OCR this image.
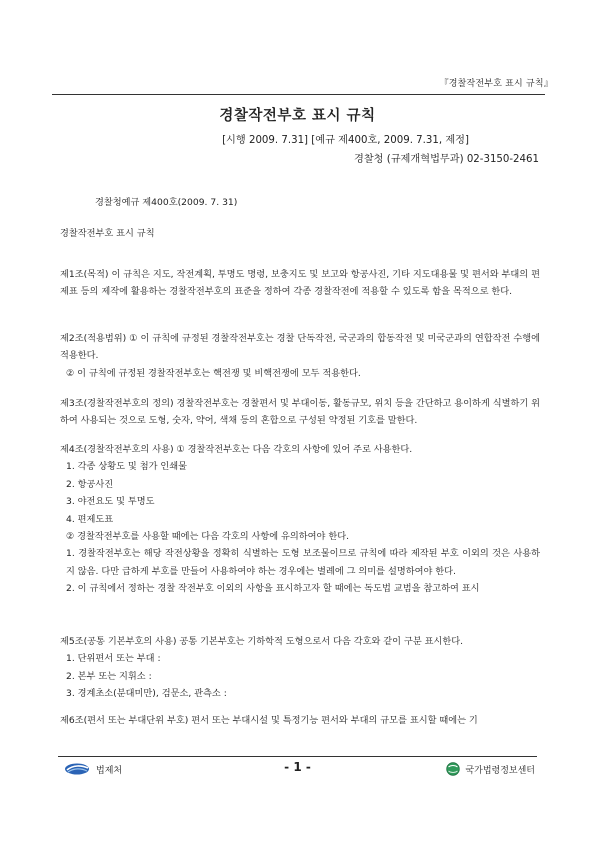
『경찰작전부호 표시 규칙』
경찰작전부호 표시 규칙
[시행 2009. 7.31] [예규 제400호, 2009. 7.31, 제정]
경찰청 (규제개혁법무과) 02-3150-2461
경찰청예규 제400호(2009. 7. 31)
경찰작전부호 표시 규칙

제1조(목적) 이 규칙은 지도, 작전계획, 투명도 명령, 보충지도 및 보고와 항공사진, 기타 지도대용물 및 편서와 부대의 편제표 등의 제작에 활용하는 경찰작전부호의 표준을 정하여 각종 경찰작전에 적용할 수 있도록 함을 목적으로 한다.

제2조(적용범위) ① 이 규칙에 규정된 경찰작전부호는 경찰 단독작전, 국군과의 합동작전 및 미국군과의 연합작전 수행에 적용한다.

② 이 규칙에 규정된 경찰작전부호는 핵전쟁 및 비핵전쟁에 모두 적용한다.

제3조(경찰작전부호의 정의) 경찰작전부호는 경찰편서 및 부대이동, 활동규모, 위치 등을 간단하고 용이하게 식별하기 위하여 사용되는 것으로 도형, 숫자, 약어, 색채 등의 혼합으로 구성된 약정된 기호를 말한다.

제4조(경찰작전부호의 사용) ① 경찰작전부호는 다음 각호의 사항에 있어 주로 사용한다.

1. 각종 상황도 및 첨가 인쇄물

2. 항공사진

3. 야전요도 및 투명도

4. 편제도표

② 경찰작전부호를 사용할 때에는 다음 각호의 사항에 유의하여야 한다.

1. 경찰작전부호는 해당 작전상황을 정확히 식별하는 도형 보조물이므로 규칙에 따라 제작된 부호 이외의 것은 사용하지 않음. 다만 급하게 부호를 만들어 사용하여야 하는 경우에는 별례에 그 의미를 설명하여야 한다.

2. 이 규칙에서 정하는 경찰 작전부호 이외의 사항을 표시하고자 할 때에는 독도법 교범을 참고하여 표시

제5조(공통 기본부호의 사용) 공통 기본부호는 기하학적 도형으로서 다음 각호와 같이 구분 표시한다.

1. 단위편서 또는 부대 :

2. 본부 또는 지휘소 :

3. 경계초소(분대미만), 검문소, 관측소 :

제6조(편서 또는 부대단위 부호) 편서 또는 부대시설 및 특정기능 편서와 부대의 규모를 표시할 때에는 기

법제처	- 1 -	국가법령정보센터
